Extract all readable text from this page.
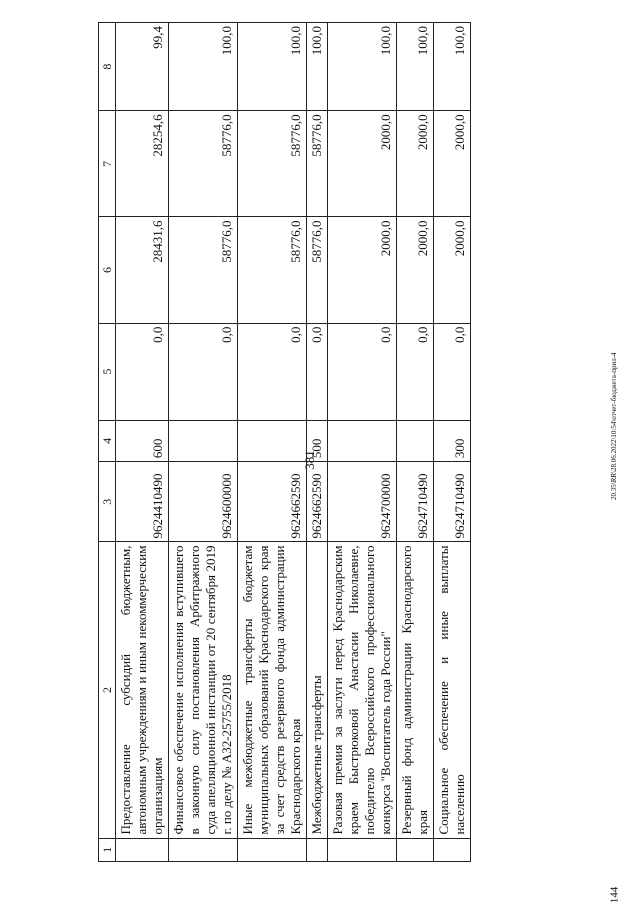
381
1	2	3	4	5	6	7	8
	Предоставление субсидий бюджетным, автономным учреждениям и иным некоммерческим организациям	9624410490	600	0,0	28431,6	28254,6	99,4
	Финансовое обеспечение исполнения вступившего в законную силу постановления Арбитражного суда апелляционной инстанции от 20 сентября 2019 г. по делу № А32-25755/2018	9624600000		0,0	58776,0	58776,0	100,0
	Иные межбюджетные трансферты бюджетам муниципальных образований Краснодарского края за счет средств резервного фонда администрации Краснодарского края	9624662590		0,0	58776,0	58776,0	100,0
	Межбюджетные трансферты	9624662590	500	0,0	58776,0	58776,0	100,0
	Разовая премия за заслуги перед Краснодарским краем Быстрюковой Анастасии Николаевне, победителю Всероссийского профессионального конкурса "Воспитатель года России"	9624700000		0,0	2000,0	2000,0	100,0
	Резервный фонд администрации Краснодарского края	9624710490		0,0	2000,0	2000,0	100,0
	Социальное обеспечение и иные выплаты населению	9624710490	300	0,0	2000,0	2000,0	100,0
20.35\RR\28.06.2022\10:54\отчет-бюджета-прил-4
144
